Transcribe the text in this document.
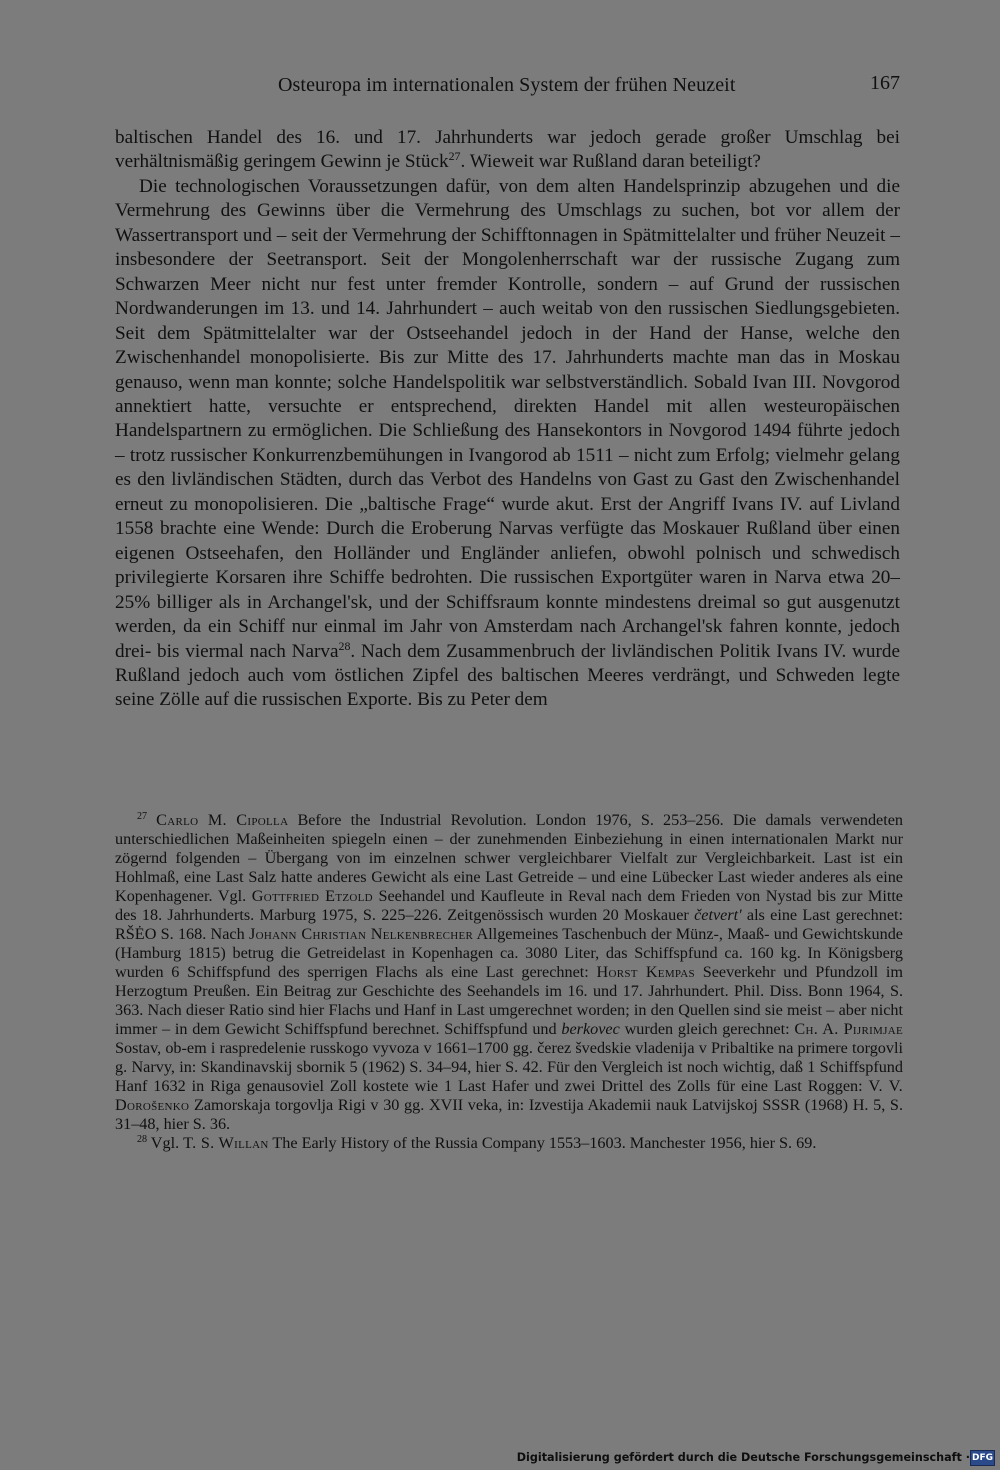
Osteuropa im internationalen System der frühen Neuzeit	167

baltischen Handel des 16. und 17. Jahrhunderts war jedoch gerade großer Umschlag bei verhältnismäßig geringem Gewinn je Stück$^{27}$. Wieweit war Rußland daran beteiligt?

Die technologischen Voraussetzungen dafür, von dem alten Handelsprinzip abzugehen und die Vermehrung des Gewinns über die Vermehrung des Umschlags zu suchen, bot vor allem der Wassertransport und – seit der Vermehrung der Schifftonnagen in Spätmittelalter und früher Neuzeit – insbesondere der Seetransport. Seit der Mongolenherrschaft war der russische Zugang zum Schwarzen Meer nicht nur fest unter fremder Kontrolle, sondern – auf Grund der russischen Nordwanderungen im 13. und 14. Jahrhundert – auch weitab von den russischen Siedlungsgebieten. Seit dem Spätmittelalter war der Ostseehandel jedoch in der Hand der Hanse, welche den Zwischenhandel monopolisierte. Bis zur Mitte des 17. Jahrhunderts machte man das in Moskau genauso, wenn man konnte; solche Handelspolitik war selbstverständlich. Sobald Ivan III. Novgorod annektiert hatte, versuchte er entsprechend, direkten Handel mit allen westeuropäischen Handelspartnern zu ermöglichen. Die Schließung des Hansekontors in Novgorod 1494 führte jedoch – trotz russischer Konkurrenzbemühungen in Ivangorod ab 1511 – nicht zum Erfolg; vielmehr gelang es den livländischen Städten, durch das Verbot des Handelns von Gast zu Gast den Zwischenhandel erneut zu monopolisieren. Die „baltische Frage“ wurde akut. Erst der Angriff Ivans IV. auf Livland 1558 brachte eine Wende: Durch die Eroberung Narvas verfügte das Moskauer Rußland über einen eigenen Ostseehafen, den Holländer und Engländer anliefen, obwohl polnisch und schwedisch privilegierte Korsaren ihre Schiffe bedrohten. Die russischen Exportgüter waren in Narva etwa 20–25% billiger als in Archangel'sk, und der Schiffsraum konnte mindestens dreimal so gut ausgenutzt werden, da ein Schiff nur einmal im Jahr von Amsterdam nach Archangel'sk fahren konnte, jedoch drei- bis viermal nach Narva$^{28}$. Nach dem Zusammenbruch der livländischen Politik Ivans IV. wurde Rußland jedoch auch vom östlichen Zipfel des baltischen Meeres verdrängt, und Schweden legte seine Zölle auf die russischen Exporte. Bis zu Peter dem

$^{27}$ Carlo M. Cipolla Before the Industrial Revolution. London 1976, S. 253–256. Die damals verwendeten unterschiedlichen Maßeinheiten spiegeln einen – der zunehmenden Einbeziehung in einen internationalen Markt nur zögernd folgenden – Übergang von im einzelnen schwer vergleichbarer Vielfalt zur Vergleichbarkeit. Last ist ein Hohlmaß, eine Last Salz hatte anderes Gewicht als eine Last Getreide – und eine Lübecker Last wieder anderes als eine Kopenhagener. Vgl. Gottfried Etzold Seehandel und Kaufleute in Reval nach dem Frieden von Nystad bis zur Mitte des 18. Jahrhunderts. Marburg 1975, S. 225–226. Zeitgenössisch wurden 20 Moskauer četvert' als eine Last gerechnet: RŠĖO S. 168. Nach Johann Christian Nelkenbrecher Allgemeines Taschenbuch der Münz-, Maaß- und Gewichtskunde (Hamburg 1815) betrug die Getreidelast in Kopenhagen ca. 3080 Liter, das Schiffspfund ca. 160 kg. In Königsberg wurden 6 Schiffspfund des sperrigen Flachs als eine Last gerechnet: Horst Kempas Seeverkehr und Pfundzoll im Herzogtum Preußen. Ein Beitrag zur Geschichte des Seehandels im 16. und 17. Jahrhundert. Phil. Diss. Bonn 1964, S. 363. Nach dieser Ratio sind hier Flachs und Hanf in Last umgerechnet worden; in den Quellen sind sie meist – aber nicht immer – in dem Gewicht Schiffspfund berechnet. Schiffspfund und berkovec wurden gleich gerechnet: Ch. A. Pijrimjae Sostav, ob-em i raspredelenie russkogo vyvoza v 1661–1700 gg. čerez švedskie vladenija v Pribaltike na primere torgovli g. Narvy, in: Skandinavskij sbornik 5 (1962) S. 34–94, hier S. 42. Für den Vergleich ist noch wichtig, daß 1 Schiffspfund Hanf 1632 in Riga genausoviel Zoll kostete wie 1 Last Hafer und zwei Drittel des Zolls für eine Last Roggen: V. V. Dorošenko Zamorskaja torgovlja Rigi v 30 gg. XVII veka, in: Izvestija Akademii nauk Latvijskoj SSSR (1968) H. 5, S. 31–48, hier S. 36.

$^{28}$ Vgl. T. S. Willan The Early History of the Russia Company 1553–1603. Manchester 1956, hier S. 69.

Digitalisierung gefördert durch die Deutsche Forschungsgemeinschaft · DFG
